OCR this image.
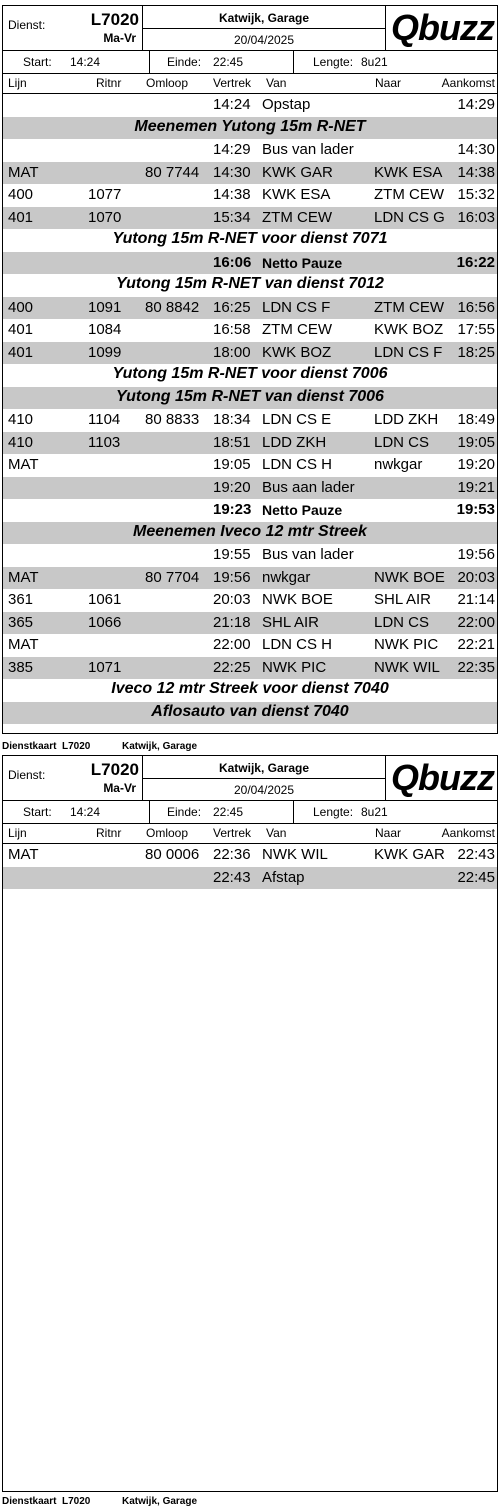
Dienst:	L7020
Ma-Vr
Katwijk, Garage
20/04/2025	Qbuzz
Start: 14:24	Einde: 22:45	Lengte: 8u21
Lijn	Ritnr Omloop Vertrek Van	Naar	Aankomst
14:24 Opstap	14:29
Meenemen Yutong 15m R-NET
14:29 Bus van lader	14:30
MAT	80 7744 14:30 KWK GAR	KWK ESA 14:38
400	1077	14:38 KWK ESA	ZTM CEW 15:32
401	1070	15:34 ZTM CEW	LDN CS G 16:03
Yutong 15m R-NET voor dienst 7071
16:06 Netto Pauze	16:22
Yutong 15m R-NET van dienst 7012
400	1091 80 8842 16:25 LDN CS F	ZTM CEW 16:56
401	1084	16:58 ZTM CEW	KWK BOZ 17:55
401	1099	18:00 KWK BOZ	LDN CS F 18:25
Yutong 15m R-NET voor dienst 7006
Yutong 15m R-NET van dienst 7006
410	1104 80 8833 18:34 LDN CS E	LDD ZKH 18:49
410	1103	18:51 LDD ZKH	LDN CS 19:05
MAT	19:05 LDN CS H	nwkgar 19:20
19:20 Bus aan lader	19:21
19:23 Netto Pauze	19:53
Meenemen Iveco 12 mtr Streek
19:55 Bus van lader	19:56
MAT	80 7704 19:56 nwkgar	NWK BOE 20:03
361	1061	20:03 NWK BOE	SHL AIR 21:14
365	1066	21:18 SHL AIR	LDN CS 22:00
MAT	22:00 LDN CS H	NWK PIC 22:21
385	1071	22:25 NWK PIC	NWK WIL 22:35
Iveco 12 mtr Streek voor dienst 7040
Aflosauto van dienst 7040
Dienstkaart L7020	Katwijk, Garage
Dienst:	L7020
Ma-Vr
Katwijk, Garage
20/04/2025	Qbuzz
Start: 14:24	Einde: 22:45	Lengte: 8u21
Lijn	Ritnr Omloop Vertrek Van	Naar	Aankomst
MAT	80 0006 22:36 NWK WIL	KWK GAR 22:43
22:43 Afstap	22:45
Dienstkaart L7020	Katwijk, Garage
